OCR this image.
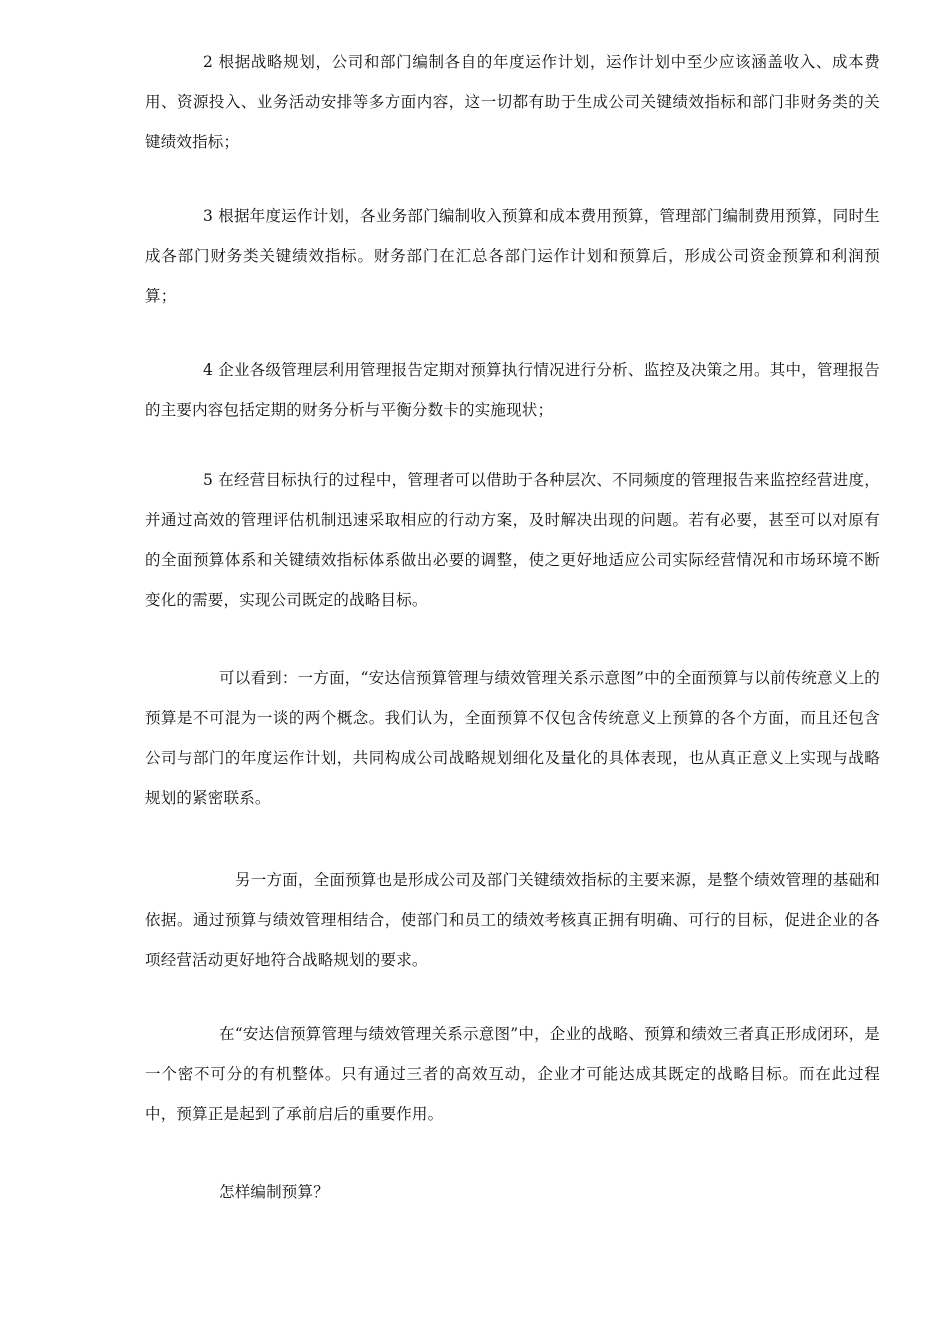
2 根据战略规划，公司和部门编制各自的年度运作计划，运作计划中至少应该涵盖收入、成本费用、资源投入、业务活动安排等多方面内容，这一切都有助于生成公司关键绩效指标和部门非财务类的关键绩效指标；

3 根据年度运作计划，各业务部门编制收入预算和成本费用预算，管理部门编制费用预算，同时生成各部门财务类关键绩效指标。财务部门在汇总各部门运作计划和预算后，形成公司资金预算和利润预算；

4 企业各级管理层利用管理报告定期对预算执行情况进行分析、监控及决策之用。其中，管理报告的主要内容包括定期的财务分析与平衡分数卡的实施现状；

5 在经营目标执行的过程中，管理者可以借助于各种层次、不同频度的管理报告来监控经营进度，并通过高效的管理评估机制迅速采取相应的行动方案，及时解决出现的问题。若有必要，甚至可以对原有的全面预算体系和关键绩效指标体系做出必要的调整，使之更好地适应公司实际经营情况和市场环境不断变化的需要，实现公司既定的战略目标。

可以看到：一方面，“安达信预算管理与绩效管理关系示意图”中的全面预算与以前传统意义上的预算是不可混为一谈的两个概念。我们认为，全面预算不仅包含传统意义上预算的各个方面，而且还包含公司与部门的年度运作计划，共同构成公司战略规划细化及量化的具体表现，也从真正意义上实现与战略规划的紧密联系。

另一方面，全面预算也是形成公司及部门关键绩效指标的主要来源，是整个绩效管理的基础和依据。通过预算与绩效管理相结合，使部门和员工的绩效考核真正拥有明确、可行的目标，促进企业的各项经营活动更好地符合战略规划的要求。

在“安达信预算管理与绩效管理关系示意图”中，企业的战略、预算和绩效三者真正形成闭环，是一个密不可分的有机整体。只有通过三者的高效互动，企业才可能达成其既定的战略目标。而在此过程中，预算正是起到了承前启后的重要作用。

怎样编制预算？
